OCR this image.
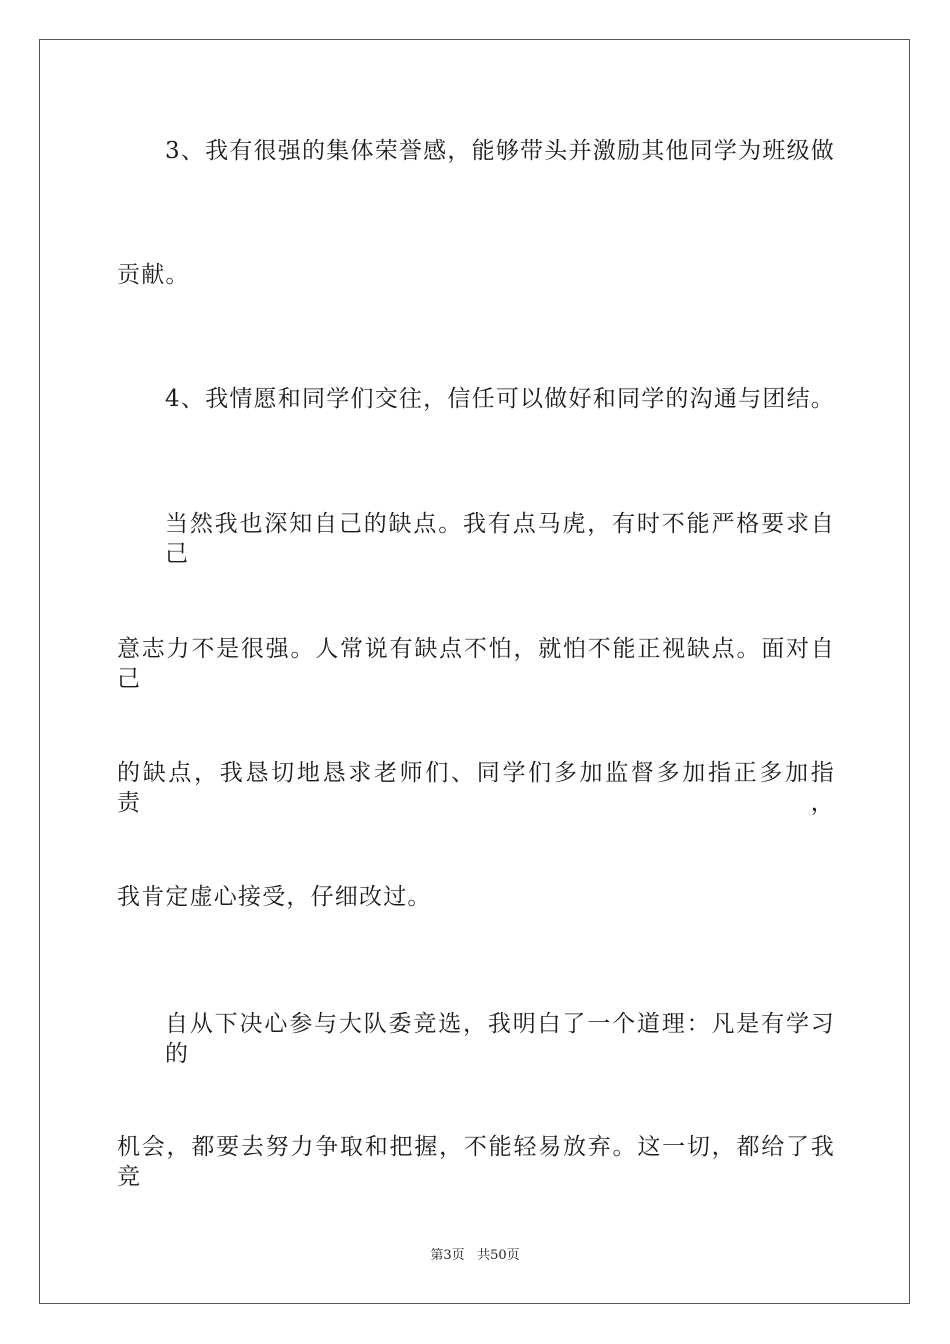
3、我有很强的集体荣誉感，能够带头并激励其他同学为班级做
贡献。
4、我情愿和同学们交往，信任可以做好和同学的沟通与团结。
当然我也深知自己的缺点。我有点马虎，有时不能严格要求自己
意志力不是很强。人常说有缺点不怕，就怕不能正视缺点。面对自己
的缺点，我恳切地恳求老师们、同学们多加监督多加指正多加指责，
我肯定虚心接受，仔细改过。
自从下决心参与大队委竞选，我明白了一个道理：凡是有学习的
机会，都要去努力争取和把握，不能轻易放弃。这一切，都给了我竞
第3页 共50页
